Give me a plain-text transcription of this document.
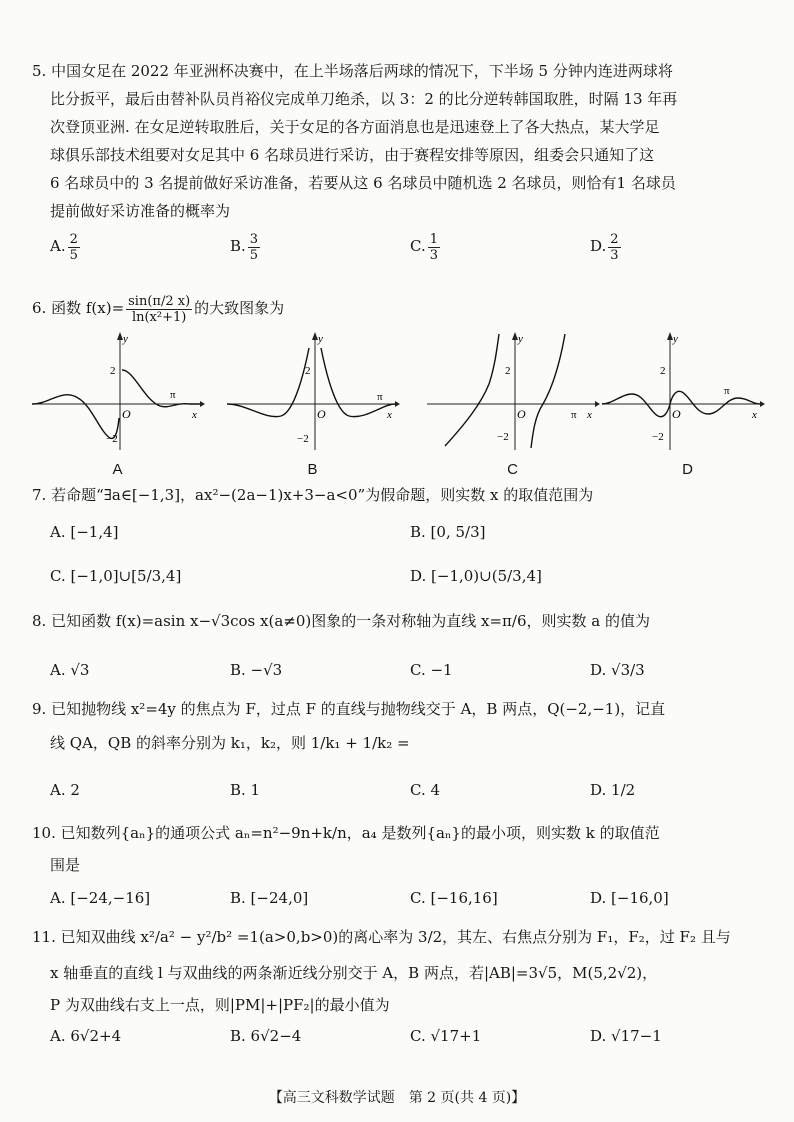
5. 中国女足在 2022 年亚洲杯决赛中，在上半场落后两球的情况下，下半场 5 分钟内连进两球将
比分扳平，最后由替补队员肖裕仪完成单刀绝杀，以 3：2 的比分逆转韩国取胜，时隔 13 年再
次登顶亚洲. 在女足逆转取胜后，关于女足的各方面消息也是迅速登上了各大热点，某大学足
球俱乐部技术组要对女足其中 6 名球员进行采访，由于赛程安排等原因，组委会只通知了这
6 名球员中的 3 名提前做好采访准备，若要从这 6 名球员中随机选 2 名球员，则恰有1 名球员
提前做好采访准备的概率为
A. $\frac{2}{5}$	B. $\frac{3}{5}$	C. $\frac{1}{3}$	D. $\frac{2}{3}$
6. 函数 $f(x)= \frac{\sin(\pi/2 x)}{\text{ln(x²+1)}}$ 的大致图象为
2
−2
O
π
x
y
A
2
−2
O
π
x
y
B
2
−2
O	π x
y
C
2
−2
O
π
x
y
D
7. 若命题“∃a∈[−1,3]，ax²−(2a−1)x+3−a<0”为假命题，则实数 x 的取值范围为
A. [−1,4]	B. [0, 5/3]
C. [−1,0]∪[5/3,4]	D. [−1,0)∪(5/3,4]
8. 已知函数 f(x)=asin x−√3cos x(a≠0)图象的一条对称轴为直线 x=π/6，则实数 a 的值为
A. √3	B. −√3	C. −1	D. √3/3
9. 已知抛物线 x²=4y 的焦点为 F，过点 F 的直线与抛物线交于 A，B 两点，Q(−2,−1)，记直
线 QA，QB 的斜率分别为 k₁，k₂，则 1/k₁ + 1/k₂ =
A. 2	B. 1	C. 4	D. 1/2
10. 已知数列{aₙ}的通项公式 aₙ=n²−9n+k/n，a₄ 是数列{aₙ}的最小项，则实数 k 的取值范
围是
A. [−24,−16]	B. [−24,0]	C. [−16,16]	D. [−16,0]
11. 已知双曲线 x²/a² − y²/b² =1(a>0,b>0)的离心率为 3/2，其左、右焦点分别为 F₁，F₂，过 F₂ 且与
x 轴垂直的直线 l 与双曲线的两条渐近线分别交于 A，B 两点，若|AB|=3√5，M(5,2√2)，
P 为双曲线右支上一点，则|PM|+|PF₂|的最小值为
A. 6√2+4	B. 6√2−4	C. √17+1	D. √17−1
【高三文科数学试题　第 2 页(共 4 页)】
